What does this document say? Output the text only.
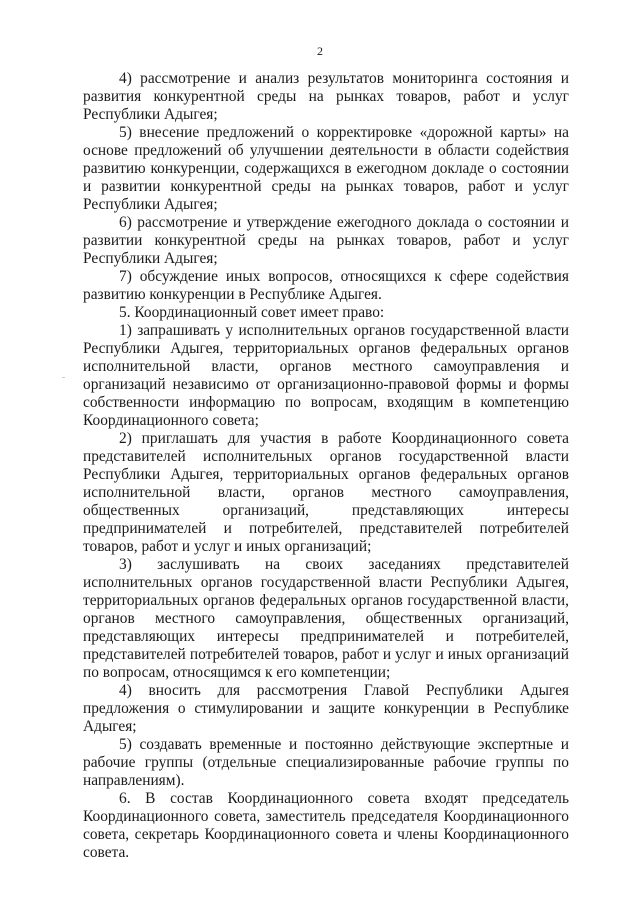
2

4) рассмотрение и анализ результатов мониторинга состояния и развития конкурентной среды на рынках товаров, работ и услуг Республики Адыгея;

5) внесение предложений о корректировке «дорожной карты» на основе предложений об улучшении деятельности в области содействия развитию конкуренции, содержащихся в ежегодном докладе о состоянии и развитии конкурентной среды на рынках товаров, работ и услуг Республики Адыгея;

6) рассмотрение и утверждение ежегодного доклада о состоянии и развитии конкурентной среды на рынках товаров, работ и услуг Республики Адыгея;

7) обсуждение иных вопросов, относящихся к сфере содействия развитию конкуренции в Республике Адыгея.

5. Координационный совет имеет право:

1) запрашивать у исполнительных органов государственной власти Республики Адыгея, территориальных органов федеральных органов исполнительной власти, органов местного самоуправления и организаций независимо от организационно-правовой формы и формы собственности информацию по вопросам, входящим в компетенцию Координационного совета;

2) приглашать для участия в работе Координационного совета представителей исполнительных органов государственной власти Республики Адыгея, территориальных органов федеральных органов исполнительной власти, органов местного самоуправления, общественных организаций, представляющих интересы предпринимателей и потребителей, представителей потребителей товаров, работ и услуг и иных организаций;

3) заслушивать на своих заседаниях представителей исполнительных органов государственной власти Республики Адыгея, территориальных органов федеральных органов государственной власти, органов местного самоуправления, общественных организаций, представляющих интересы предпринимателей и потребителей, представителей потребителей товаров, работ и услуг и иных организаций по вопросам, относящимся к его компетенции;

4) вносить для рассмотрения Главой Республики Адыгея предложения о стимулировании и защите конкуренции в Республике Адыгея;

5) создавать временные и постоянно действующие экспертные и рабочие группы (отдельные специализированные рабочие группы по направлениям).

6. В состав Координационного совета входят председатель Координационного совета, заместитель председателя Координационного совета, секретарь Координационного совета и члены Координационного совета.
